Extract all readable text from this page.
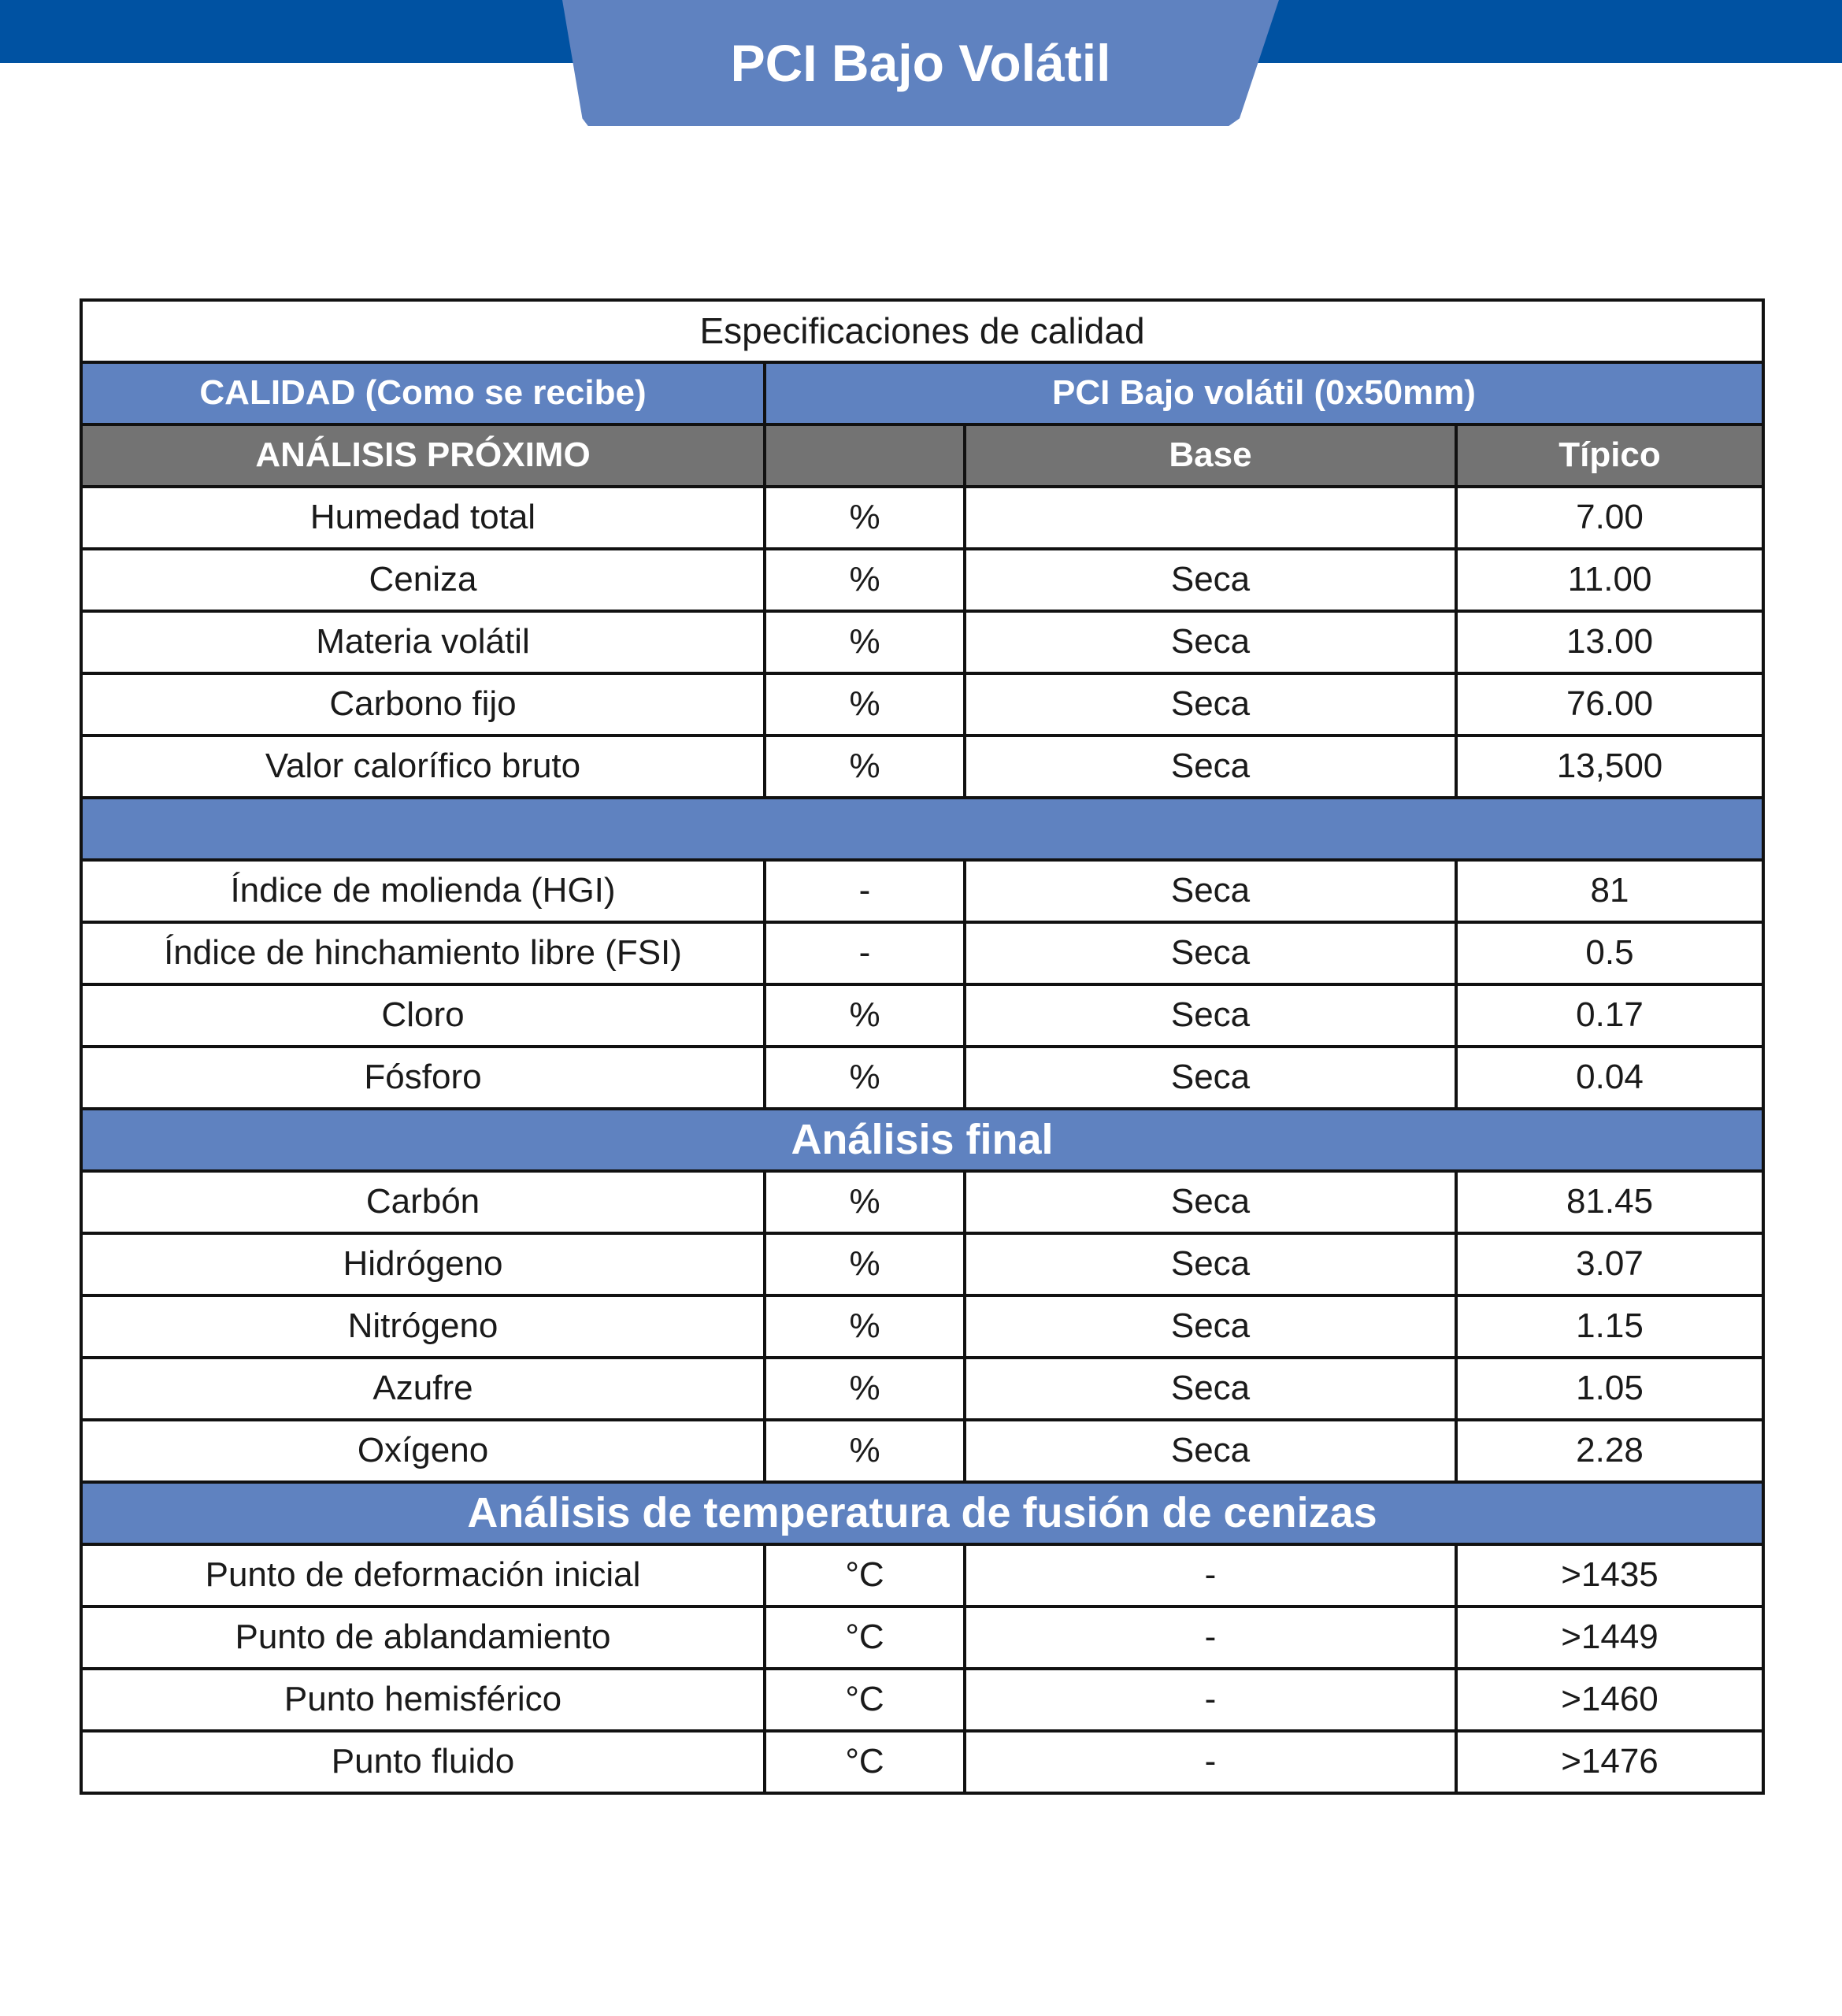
PCI Bajo Volátil
Especificaciones de calidad			
CALIDAD (Como se recibe)	PCI Bajo volátil (0x50mm)		
ANÁLISIS PRÓXIMO		Base	Típico
Humedad total	%		7.00
Ceniza	%	Seca	11.00
Materia volátil	%	Seca	13.00
Carbono fijo	%	Seca	76.00
Valor calorífico bruto	%	Seca	13,500

Índice de molienda (HGI)	-	Seca	81
Índice de hinchamiento libre (FSI)	-	Seca	0.5
Cloro	%	Seca	0.17
Fósforo	%	Seca	0.04
Análisis final			
Carbón	%	Seca	81.45
Hidrógeno	%	Seca	3.07
Nitrógeno	%	Seca	1.15
Azufre	%	Seca	1.05
Oxígeno	%	Seca	2.28
Análisis de temperatura de fusión de cenizas			
Punto de deformación inicial	°C	-	>1435
Punto de ablandamiento	°C	-	>1449
Punto hemisférico	°C	-	>1460
Punto fluido	°C	-	>1476
